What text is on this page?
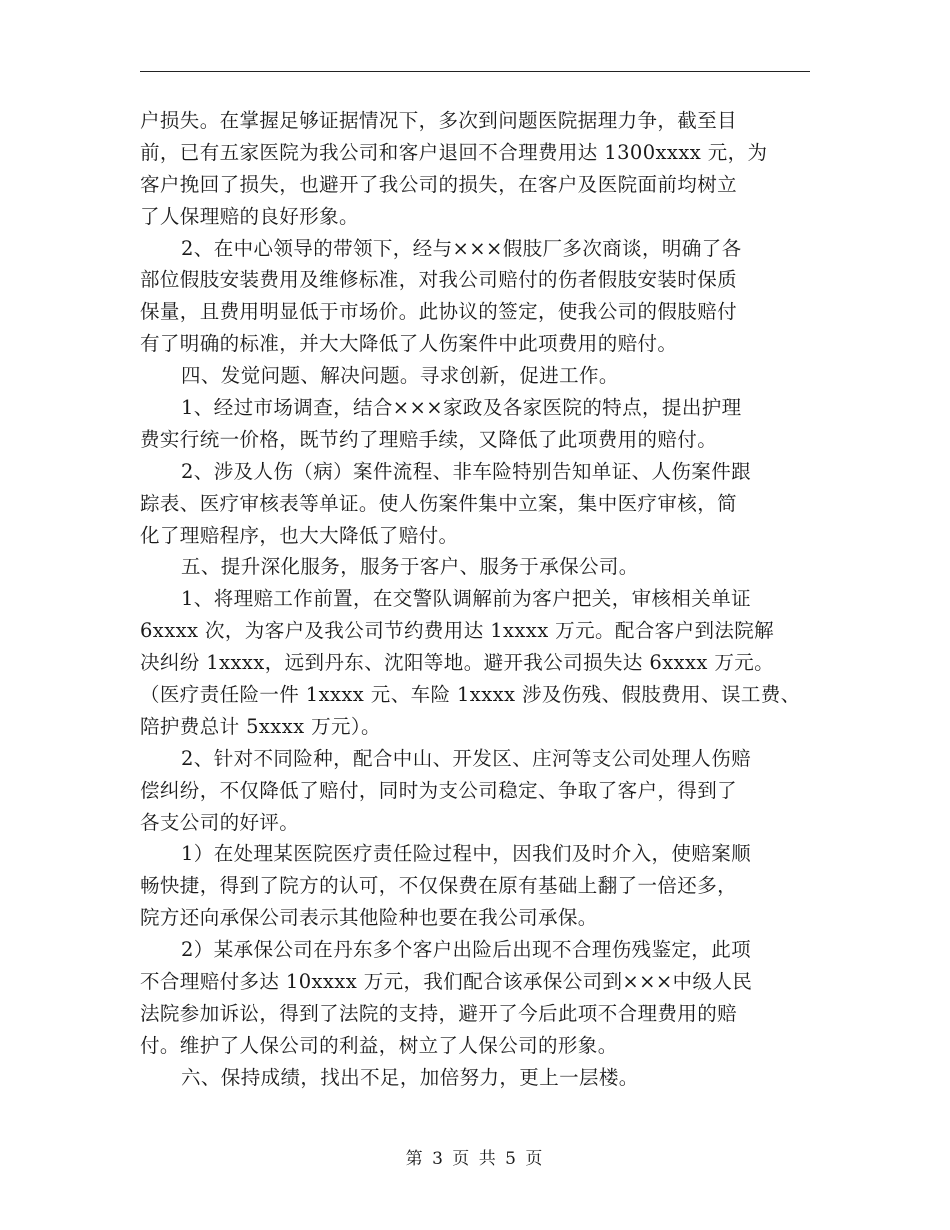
户损失。在掌握足够证据情况下，多次到问题医院据理力争，截至目
前，已有五家医院为我公司和客户退回不合理费用达 1300xxxx 元，为
客户挽回了损失，也避开了我公司的损失，在客户及医院面前均树立
了人保理赔的良好形象。
2、在中心领导的带领下，经与×××假肢厂多次商谈，明确了各
部位假肢安装费用及维修标准，对我公司赔付的伤者假肢安装时保质
保量，且费用明显低于市场价。此协议的签定，使我公司的假肢赔付
有了明确的标准，并大大降低了人伤案件中此项费用的赔付。
四、发觉问题、解决问题。寻求创新，促进工作。
1、经过市场调查，结合×××家政及各家医院的特点，提出护理
费实行统一价格，既节约了理赔手续，又降低了此项费用的赔付。
2、涉及人伤（病）案件流程、非车险特别告知单证、人伤案件跟
踪表、医疗审核表等单证。使人伤案件集中立案，集中医疗审核，简
化了理赔程序，也大大降低了赔付。
五、提升深化服务，服务于客户、服务于承保公司。
1、将理赔工作前置，在交警队调解前为客户把关，审核相关单证
6xxxx 次，为客户及我公司节约费用达 1xxxx 万元。配合客户到法院解
决纠纷 1xxxx，远到丹东、沈阳等地。避开我公司损失达 6xxxx 万元。
（医疗责任险一件 1xxxx 元、车险 1xxxx 涉及伤残、假肢费用、误工费、
陪护费总计 5xxxx 万元）。
2、针对不同险种，配合中山、开发区、庄河等支公司处理人伤赔
偿纠纷，不仅降低了赔付，同时为支公司稳定、争取了客户，得到了
各支公司的好评。
1）在处理某医院医疗责任险过程中，因我们及时介入，使赔案顺
畅快捷，得到了院方的认可，不仅保费在原有基础上翻了一倍还多，
院方还向承保公司表示其他险种也要在我公司承保。
2）某承保公司在丹东多个客户出险后出现不合理伤残鉴定，此项
不合理赔付多达 10xxxx 万元，我们配合该承保公司到×××中级人民
法院参加诉讼，得到了法院的支持，避开了今后此项不合理费用的赔
付。维护了人保公司的利益，树立了人保公司的形象。
六、保持成绩，找出不足，加倍努力，更上一层楼。
第 3 页 共 5 页
